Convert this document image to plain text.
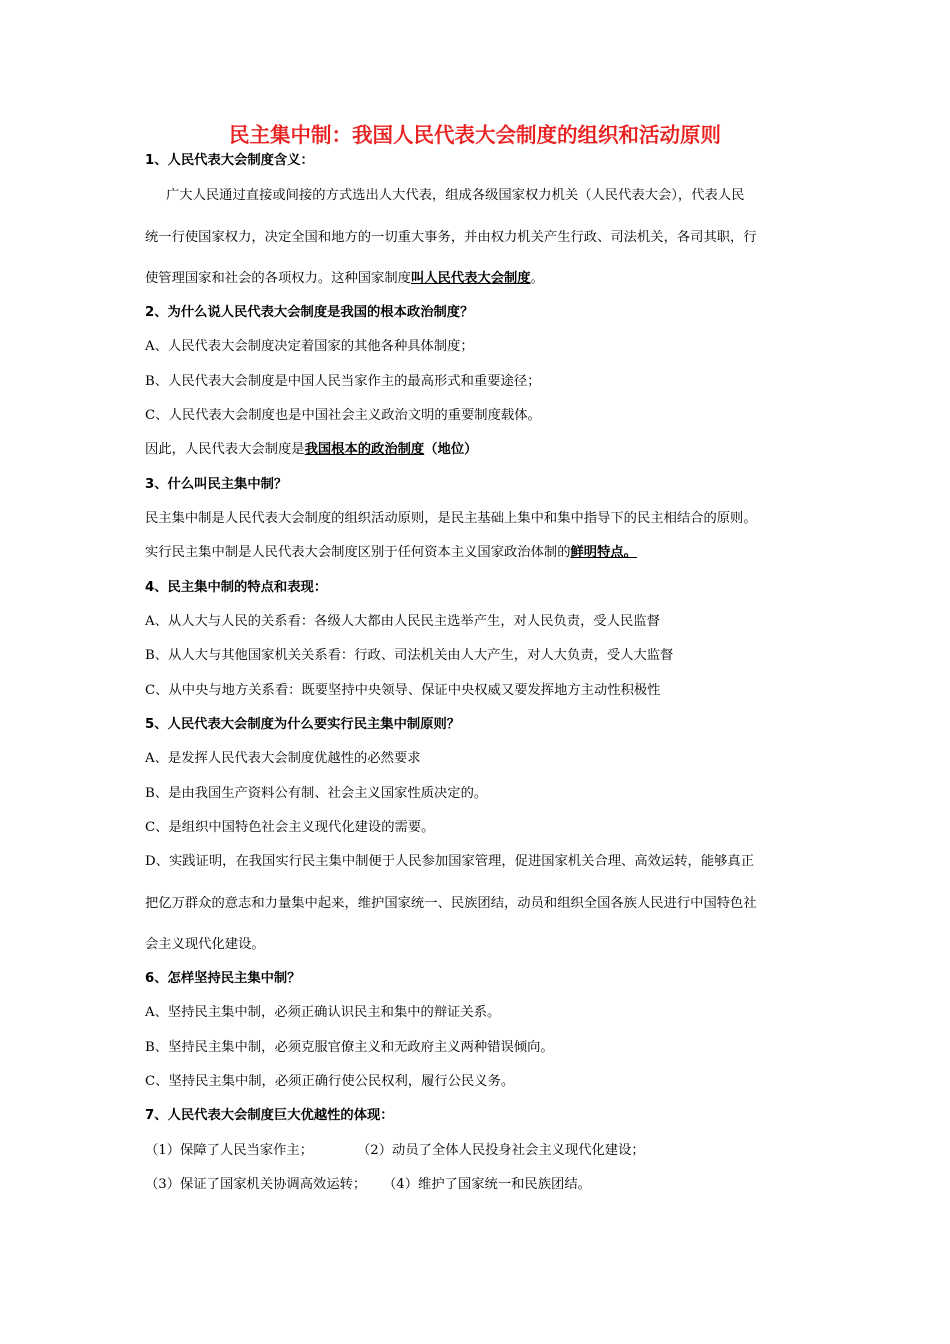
民主集中制：我国人民代表大会制度的组织和活动原则
1、人民代表大会制度含义：
广大人民通过直接或间接的方式选出人大代表，组成各级国家权力机关（人民代表大会），代表人民
统一行使国家权力，决定全国和地方的一切重大事务，并由权力机关产生行政、司法机关，各司其职，行
使管理国家和社会的各项权力。这种国家制度叫人民代表大会制度。
2、为什么说人民代表大会制度是我国的根本政治制度？
A、人民代表大会制度决定着国家的其他各种具体制度；
B、人民代表大会制度是中国人民当家作主的最高形式和重要途径；
C、人民代表大会制度也是中国社会主义政治文明的重要制度载体。
因此，人民代表大会制度是我国根本的政治制度（地位）
3、什么叫民主集中制？
民主集中制是人民代表大会制度的组织活动原则，是民主基础上集中和集中指导下的民主相结合的原则。
实行民主集中制是人民代表大会制度区别于任何资本主义国家政治体制的鲜明特点。
4、民主集中制的特点和表现：
A、从人大与人民的关系看：各级人大都由人民民主选举产生，对人民负责，受人民监督
B、从人大与其他国家机关关系看：行政、司法机关由人大产生，对人大负责，受人大监督
C、从中央与地方关系看：既要坚持中央领导、保证中央权威又要发挥地方主动性积极性
5、人民代表大会制度为什么要实行民主集中制原则？
A、是发挥人民代表大会制度优越性的必然要求
B、是由我国生产资料公有制、社会主义国家性质决定的。
C、是组织中国特色社会主义现代化建设的需要。
D、实践证明，在我国实行民主集中制便于人民参加国家管理，促进国家机关合理、高效运转，能够真正
把亿万群众的意志和力量集中起来，维护国家统一、民族团结，动员和组织全国各族人民进行中国特色社
会主义现代化建设。
6、怎样坚持民主集中制？
A、坚持民主集中制，必须正确认识民主和集中的辩证关系。
B、坚持民主集中制，必须克服官僚主义和无政府主义两种错误倾向。
C、坚持民主集中制，必须正确行使公民权利，履行公民义务。
7、人民代表大会制度巨大优越性的体现：
（1）保障了人民当家作主；	（2）动员了全体人民投身社会主义现代化建设；
（3）保证了国家机关协调高效运转； （4）维护了国家统一和民族团结。
